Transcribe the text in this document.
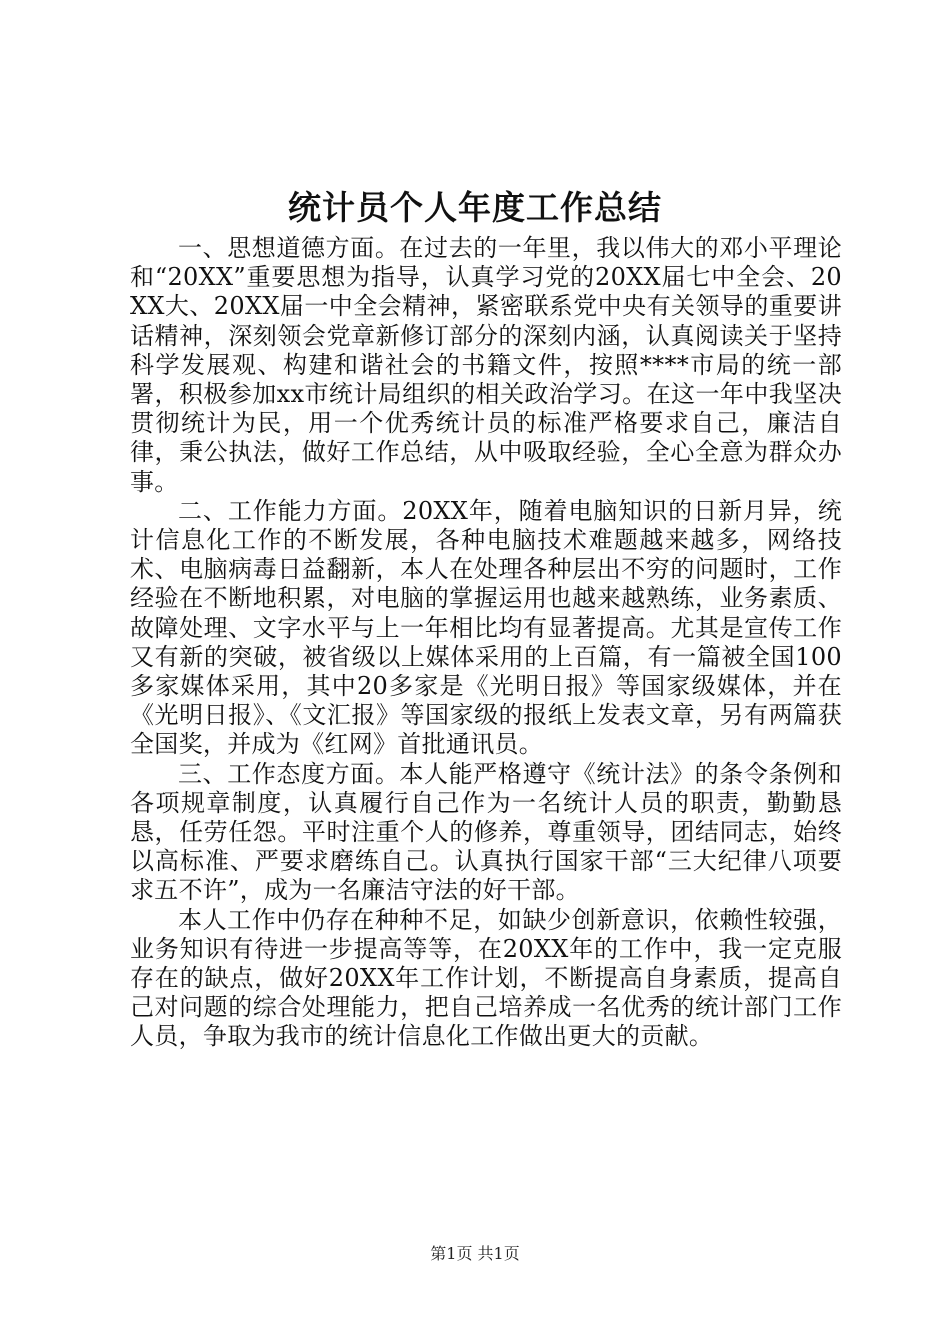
统计员个人年度工作总结

一、思想道德方面。在过去的一年里，我以伟大的邓小平理论和“20XX”重要思想为指导，认真学习党的20XX届七中全会、20XX大、20XX届一中全会精神，紧密联系党中央有关领导的重要讲话精神，深刻领会党章新修订部分的深刻内涵，认真阅读关于坚持科学发展观、构建和谐社会的书籍文件，按照****市局的统一部署，积极参加xx市统计局组织的相关政治学习。在这一年中我坚决贯彻统计为民，用一个优秀统计员的标准严格要求自己，廉洁自律，秉公执法，做好工作总结，从中吸取经验，全心全意为群众办事。

二、工作能力方面。20XX年，随着电脑知识的日新月异，统计信息化工作的不断发展，各种电脑技术难题越来越多，网络技术、电脑病毒日益翻新，本人在处理各种层出不穷的问题时，工作经验在不断地积累，对电脑的掌握运用也越来越熟练，业务素质、故障处理、文字水平与上一年相比均有显著提高。尤其是宣传工作又有新的突破，被省级以上媒体采用的上百篇，有一篇被全国100多家媒体采用，其中20多家是《光明日报》等国家级媒体，并在《光明日报》、《文汇报》等国家级的报纸上发表文章，另有两篇获全国奖，并成为《红网》首批通讯员。

三、工作态度方面。本人能严格遵守《统计法》的条令条例和各项规章制度，认真履行自己作为一名统计人员的职责，勤勤恳恳，任劳任怨。平时注重个人的修养，尊重领导，团结同志，始终以高标准、严要求磨练自己。认真执行国家干部“三大纪律八项要求五不许”，成为一名廉洁守法的好干部。

本人工作中仍存在种种不足，如缺少创新意识，依赖性较强，业务知识有待进一步提高等等，在20XX年的工作中，我一定克服存在的缺点，做好20XX年工作计划，不断提高自身素质，提高自己对问题的综合处理能力，把自己培养成一名优秀的统计部门工作人员，争取为我市的统计信息化工作做出更大的贡献。

第1页 共1页
